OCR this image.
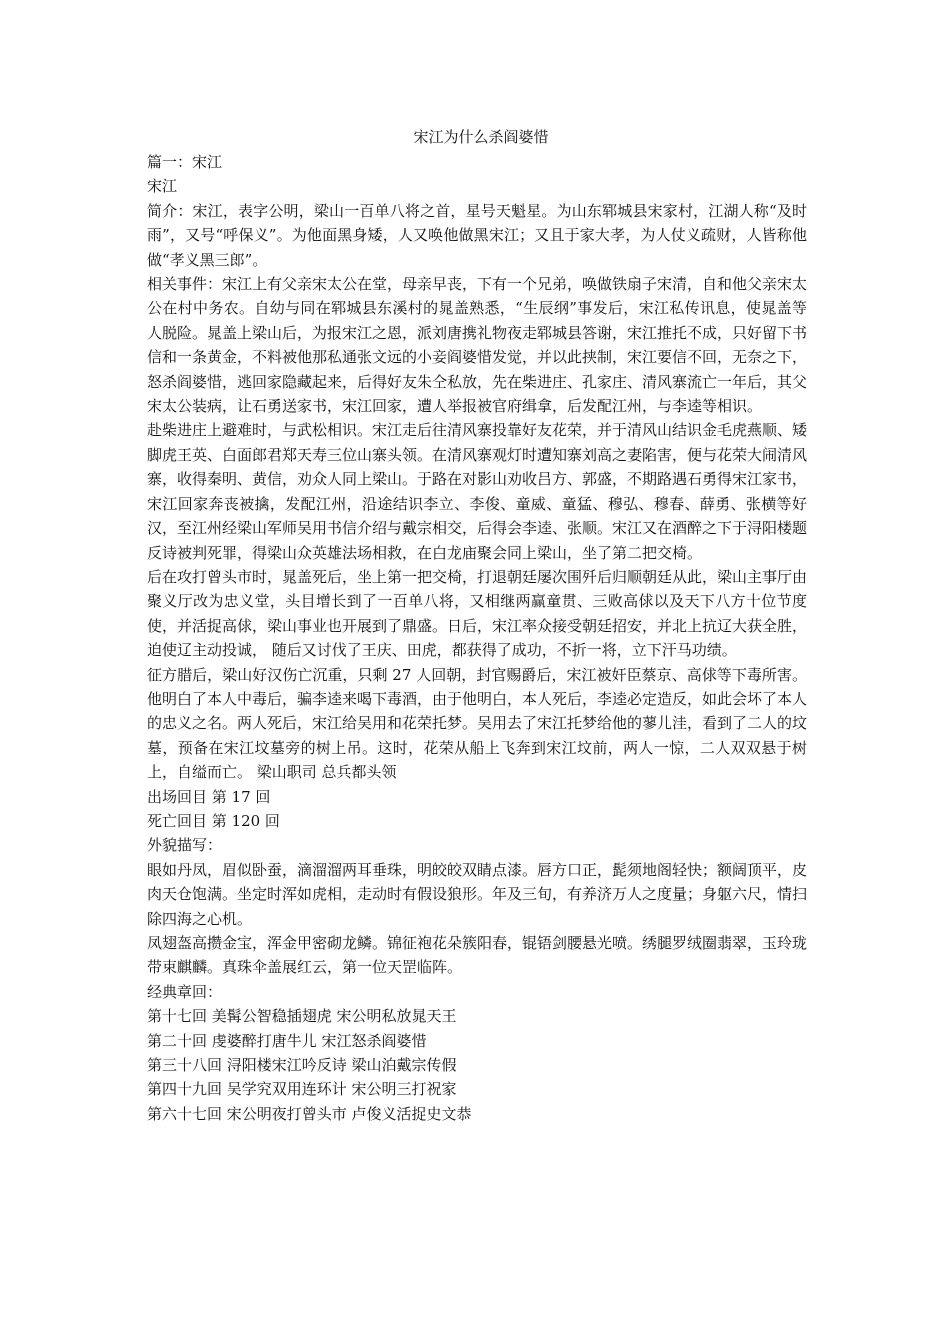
宋江为什么杀阎婆惜
篇一：宋江
宋江
简介：宋江，表字公明，梁山一百单八将之首，星号天魁星。为山东郓城县宋家村，江湖人称“及时雨”，又号“呼保义”。为他面黑身矮，人又唤他做黑宋江；又且于家大孝，为人仗义疏财，人皆称他做“孝义黑三郎”。
相关事件：宋江上有父亲宋太公在堂，母亲早丧，下有一个兄弟，唤做铁扇子宋清，自和他父亲宋太公在村中务农。自幼与同在郓城县东溪村的晁盖熟悉，“生辰纲”事发后，宋江私传讯息，使晁盖等人脱险。晁盖上梁山后，为报宋江之恩，派刘唐携礼物夜走郓城县答谢，宋江推托不成，只好留下书信和一条黄金，不料被他那私通张文远的小妾阎婆惜发觉，并以此挟制，宋江要信不回，无奈之下，怒杀阎婆惜，逃回家隐藏起来，后得好友朱仝私放，先在柴进庄、孔家庄、清风寨流亡一年后，其父宋太公装病，让石勇送家书，宋江回家，遭人举报被官府缉拿，后发配江州，与李逵等相识。
赴柴进庄上避难时，与武松相识。宋江走后往清风寨投靠好友花荣，并于清风山结识金毛虎燕顺、矮脚虎王英、白面郎君郑天寿三位山寨头领。在清风寨观灯时遭知寨刘高之妻陷害，便与花荣大闹清风寨，收得秦明、黄信，劝众人同上梁山。于路在对影山劝收吕方、郭盛，不期路遇石勇得宋江家书，宋江回家奔丧被擒，发配江州，沿途结识李立、李俊、童威、童猛、穆弘、穆春、薛勇、张横等好汉，至江州经梁山军师吴用书信介绍与戴宗相交，后得会李逵、张顺。宋江又在酒醉之下于浔阳楼题反诗被判死罪，得梁山众英雄法场相救，在白龙庙聚会同上梁山，坐了第二把交椅。
后在攻打曾头市时，晁盖死后，坐上第一把交椅，打退朝廷屡次围歼后归顺朝廷从此，梁山主事厅由聚义厅改为忠义堂，头目增长到了一百单八将，又相继两赢童贯、三败高俅以及天下八方十位节度使，并活捉高俅，梁山事业也开展到了鼎盛。日后，宋江率众接受朝廷招安，并北上抗辽大获全胜，迫使辽主动投诚， 随后又讨伐了王庆、田虎，都获得了成功，不折一将，立下汗马功绩。
征方腊后，梁山好汉伤亡沉重，只剩 27 人回朝，封官赐爵后，宋江被奸臣蔡京、高俅等下毒所害。他明白了本人中毒后，骗李逵来喝下毒酒，由于他明白，本人死后，李逵必定造反，如此会坏了本人的忠义之名。两人死后，宋江给吴用和花荣托梦。吴用去了宋江托梦给他的蓼儿洼，看到了二人的坟墓，预备在宋江坟墓旁的树上吊。这时，花荣从船上飞奔到宋江坟前，两人一惊，二人双双悬于树上，自缢而亡。 梁山职司 总兵都头领
出场回目 第 17 回
死亡回目 第 120 回
外貌描写：
眼如丹凤，眉似卧蚕，滴溜溜两耳垂珠，明皎皎双睛点漆。唇方口正，髭须地阁轻快；额阔顶平，皮肉天仓饱满。坐定时浑如虎相，走动时有假设狼形。年及三旬，有养济万人之度量；身躯六尺，情扫除四海之心机。
凤翅盔高攒金宝，浑金甲密砌龙鳞。锦征袍花朵簇阳春，锟铻剑腰悬光喷。绣腿罗绒圈翡翠，玉玲珑带束麒麟。真珠伞盖展红云，第一位天罡临阵。
经典章回：
第十七回 美髯公智稳插翅虎 宋公明私放晁天王
第二十回 虔婆醉打唐牛儿 宋江怒杀阎婆惜
第三十八回 浔阳楼宋江吟反诗 梁山泊戴宗传假
第四十九回 吴学究双用连环计 宋公明三打祝家
第六十七回 宋公明夜打曾头市 卢俊义活捉史文恭
